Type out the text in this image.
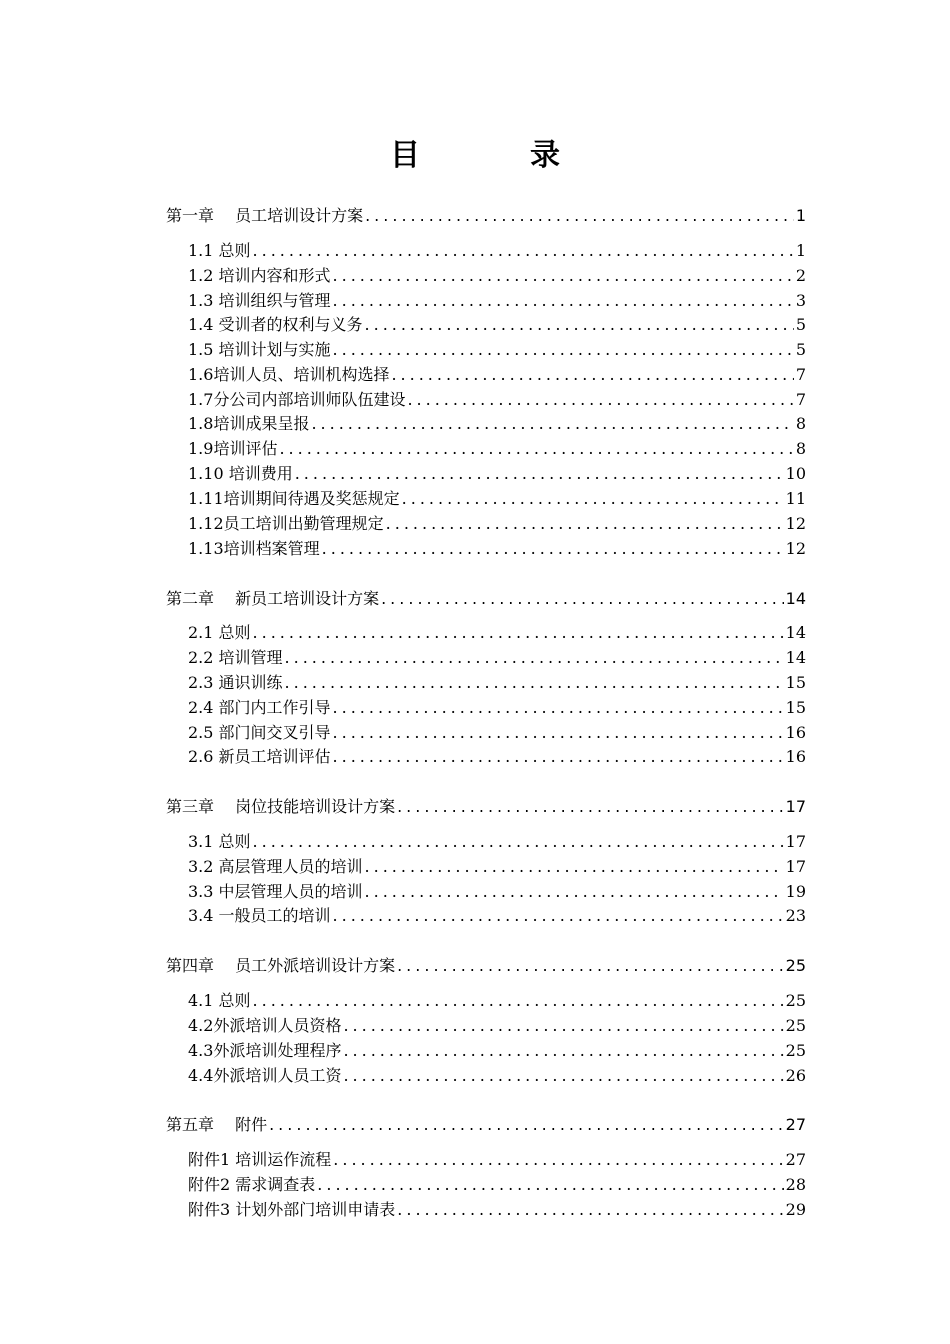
目　录
第一章　 员工培训设计方案 .....	1
1.1 总则 .....	1
1.2 培训内容和形式 .....	2
1.3 培训组织与管理 .....	3
1.4 受训者的权利与义务 .....	5
1.5 培训计划与实施 .....	5
1.6培训人员、培训机构选择 .....	7
1.7分公司内部培训师队伍建设 .....	7
1.8培训成果呈报 .....	8
1.9培训评估 .....	8
1.10 培训费用 .....	10
1.11培训期间待遇及奖惩规定 .....	11
1.12员工培训出勤管理规定 .....	12
1.13培训档案管理 .....	12
第二章　 新员工培训设计方案 .....	14
2.1 总则 .....	14
2.2 培训管理 .....	14
2.3 通识训练 .....	15
2.4 部门内工作引导 .....	15
2.5 部门间交叉引导 .....	16
2.6 新员工培训评估 .....	16
第三章　 岗位技能培训设计方案 .....	17
3.1 总则 .....	17
3.2 高层管理人员的培训 .....	17
3.3 中层管理人员的培训 .....	19
3.4 一般员工的培训 .....	23
第四章　 员工外派培训设计方案 .....	25
4.1 总则 .....	25
4.2外派培训人员资格 .....	25
4.3外派培训处理程序 .....	25
4.4外派培训人员工资 .....	26
第五章　 附件 .....	27
附件1 培训运作流程 .....	27
附件2 需求调查表 .....	28
附件3 计划外部门培训申请表 .....	29
